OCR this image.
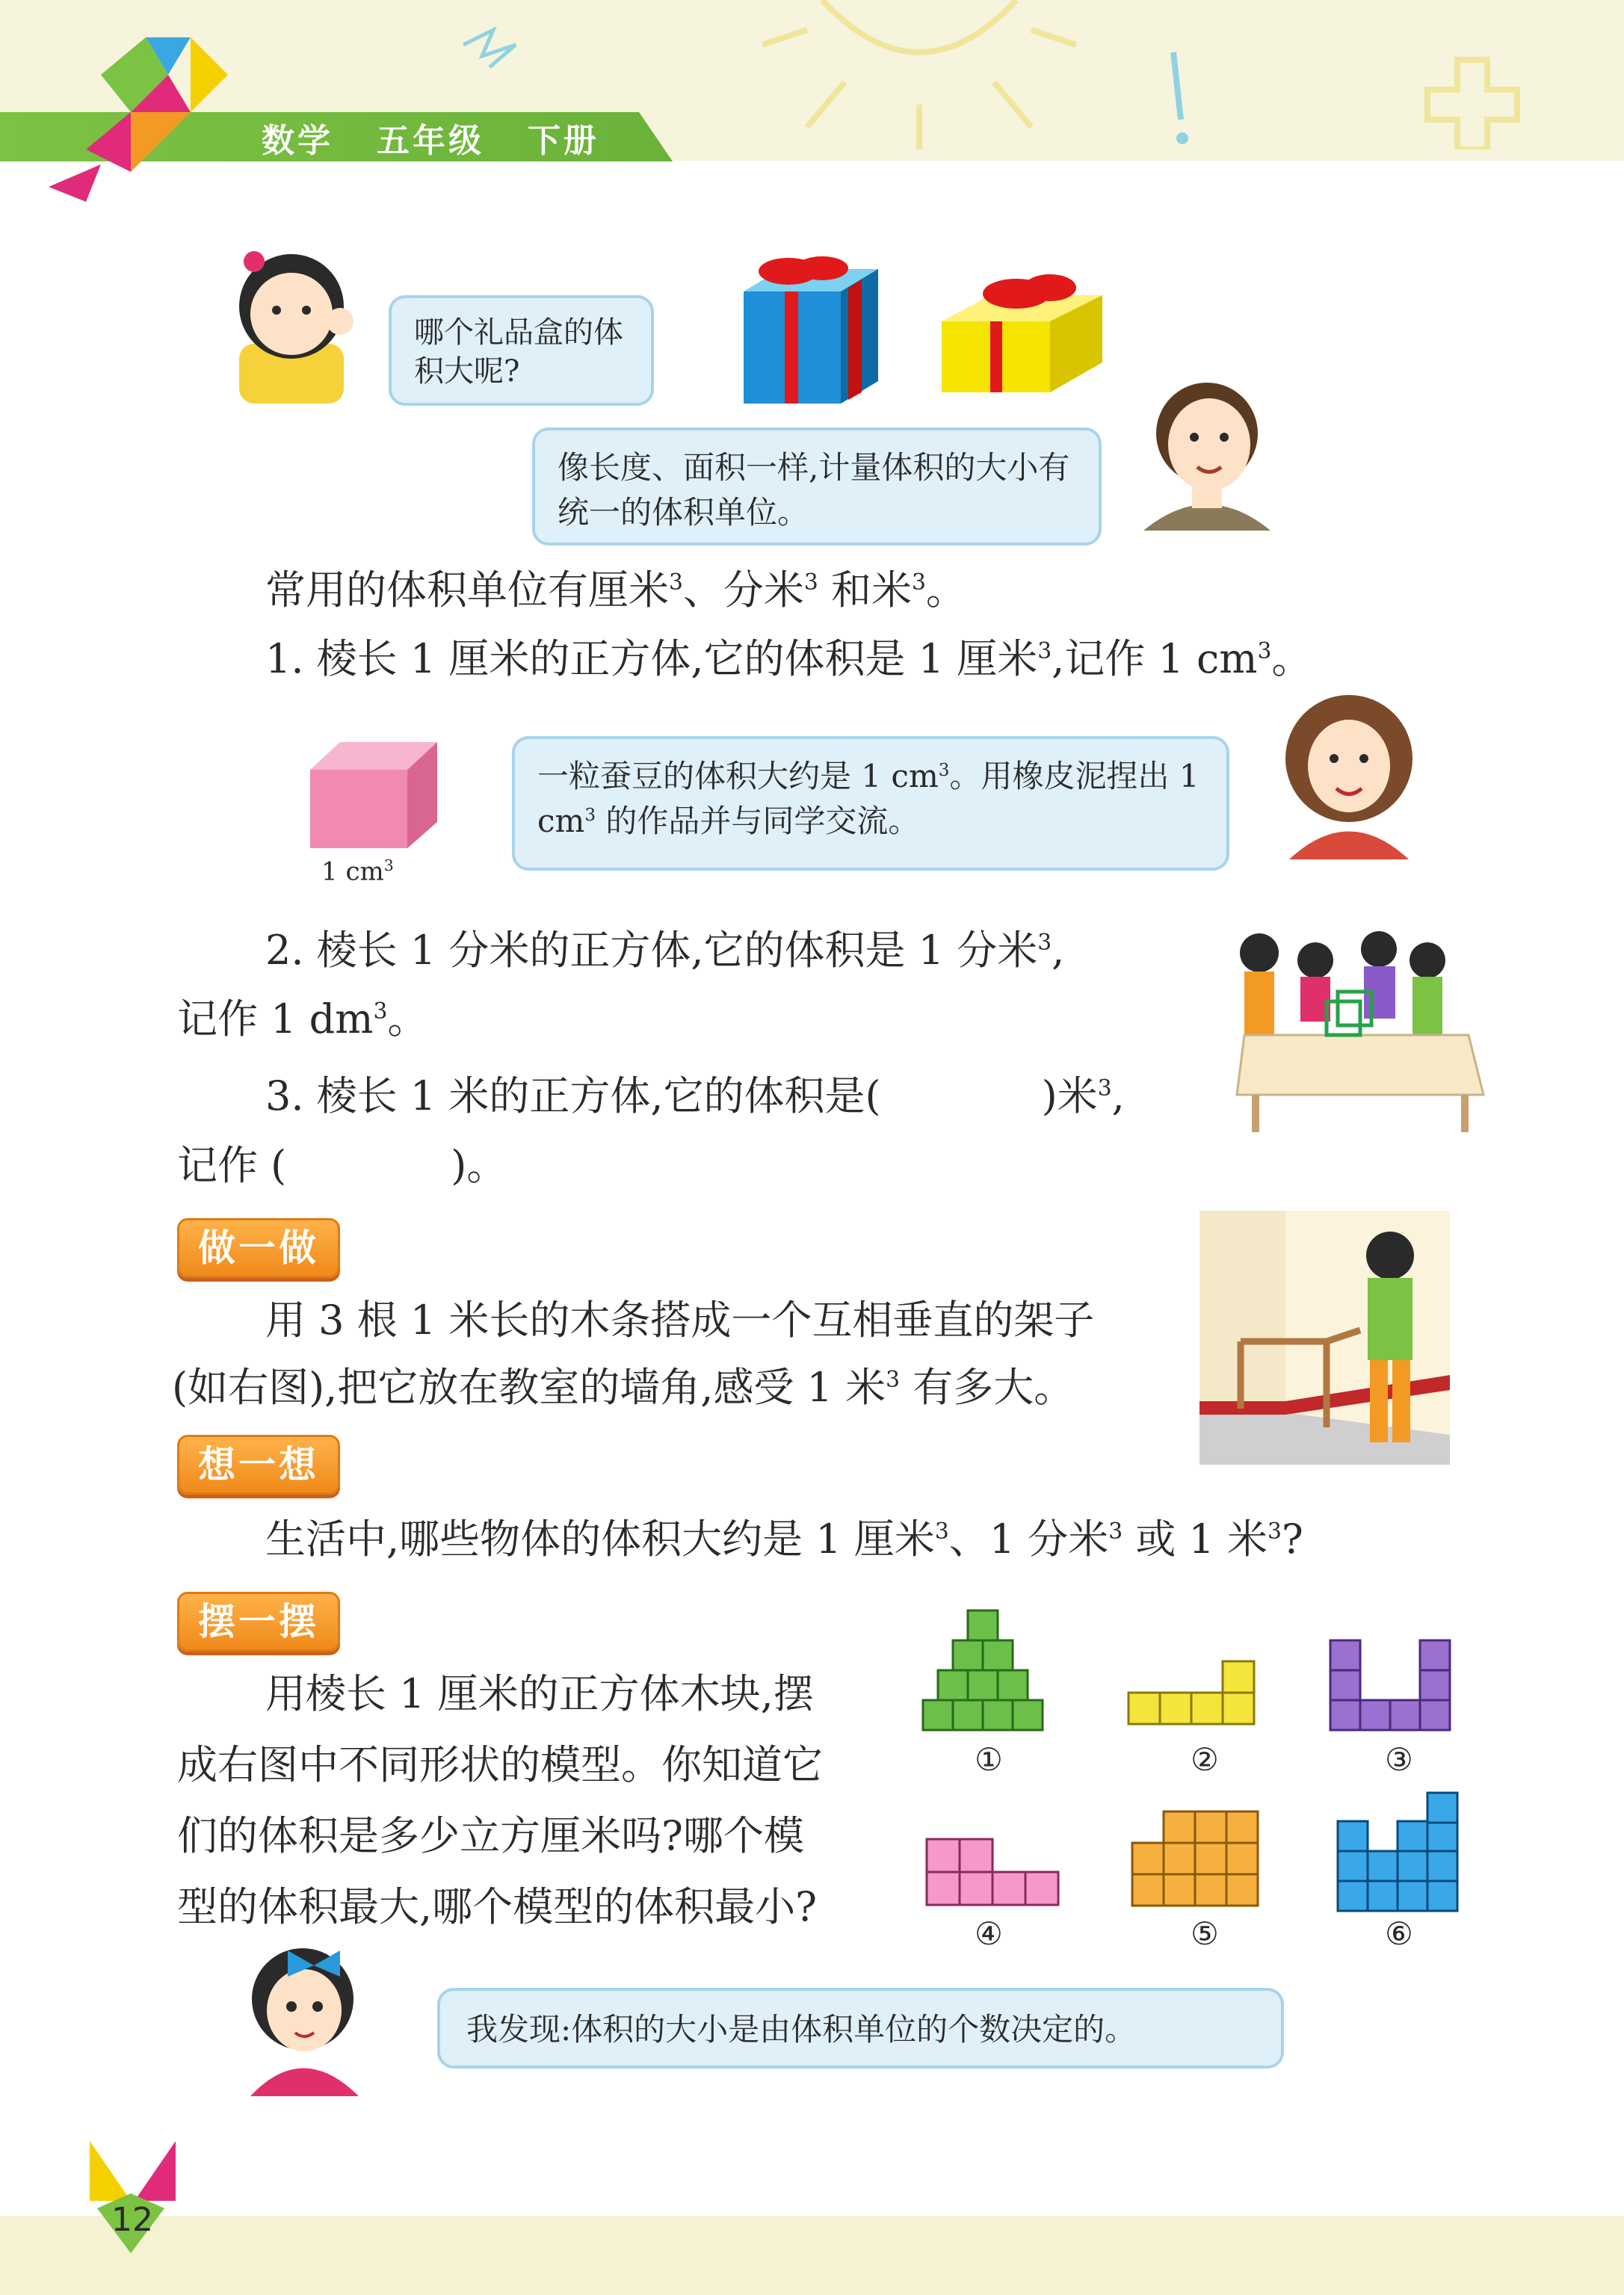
数学 五年级 下册
哪个礼品盒的体积大呢?
像长度、面积一样,计量体积的大小有统一的体积单位。
常用的体积单位有厘米$^3$、分米$^3$ 和米$^3$。
1. 棱长 1 厘米的正方体,它的体积是 1 厘米$^3$,记作 1 $cm^3$。
1 $cm^3$
一粒蚕豆的体积大约是 1 $cm^3$。用橡皮泥捏出 1 $cm^3$ 的作品并与同学交流。
2. 棱长 1 分米的正方体,它的体积是 1 分米$^3$,
记作 1 $dm^3$。
3. 棱长 1 米的正方体,它的体积是(	)米$^3$,
记作 (	)。
做一做
用 3 根 1 米长的木条搭成一个互相垂直的架子
(如右图),把它放在教室的墙角,感受 1 米$^3$ 有多大。
想一想
生活中,哪些物体的体积大约是 1 厘米$^3$、1 分米$^3$ 或 1 米$^3$?
摆一摆
用棱长 1 厘米的正方体木块,摆
成右图中不同形状的模型。你知道它
们的体积是多少立方厘米吗?哪个模
型的体积最大,哪个模型的体积最小?
①	②	③
④	⑤	⑥
我发现:体积的大小是由体积单位的个数决定的。
12
